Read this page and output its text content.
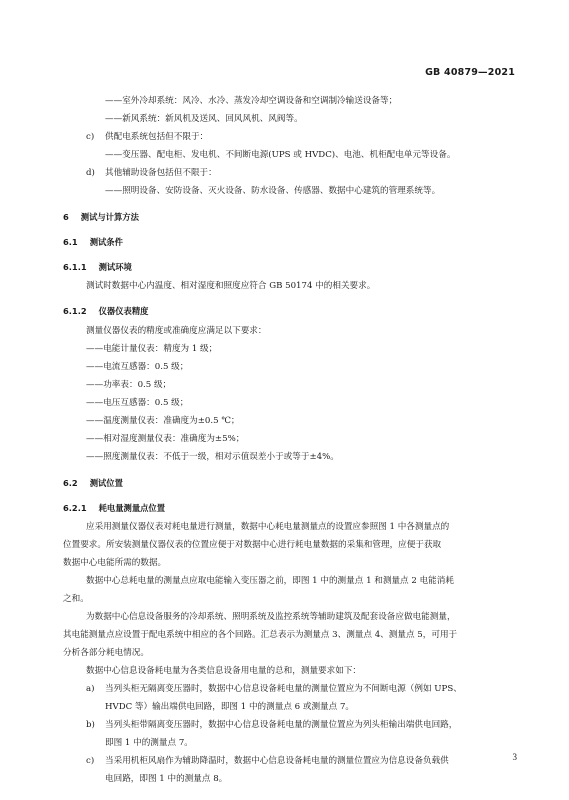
GB 40879—2021
——室外冷却系统：风冷、水冷、蒸发冷却空调设备和空调制冷输送设备等；
——新风系统：新风机及送风、回风风机、风阀等。
c) 供配电系统包括但不限于：
——变压器、配电柜、发电机、不间断电源(UPS 或 HVDC)、电池、机柜配电单元等设备。
d) 其他辅助设备包括但不限于：
——照明设备、安防设备、灭火设备、防水设备、传感器、数据中心建筑的管理系统等。
6 测试与计算方法
6.1 测试条件
6.1.1 测试环境
测试时数据中心内温度、相对湿度和照度应符合 GB 50174 中的相关要求。
6.1.2 仪器仪表精度
测量仪器仪表的精度或准确度应满足以下要求：
——电能计量仪表：精度为 1 级；
——电流互感器：0.5 级；
——功率表：0.5 级；
——电压互感器：0.5 级；
——温度测量仪表：准确度为±0.5 ℃；
——相对湿度测量仪表：准确度为±5%；
——照度测量仪表：不低于一级，相对示值误差小于或等于±4%。
6.2 测试位置
6.2.1 耗电量测量点位置
应采用测量仪器仪表对耗电量进行测量，数据中心耗电量测量点的设置应参照图 1 中各测量点的
位置要求。所安装测量仪器仪表的位置应便于对数据中心进行耗电量数据的采集和管理，应便于获取
数据中心电能所需的数据。
数据中心总耗电量的测量点应取电能输入变压器之前，即图 1 中的测量点 1 和测量点 2 电能消耗
之和。
为数据中心信息设备服务的冷却系统、照明系统及监控系统等辅助建筑及配套设备应做电能测量，
其电能测量点应设置于配电系统中相应的各个回路。汇总表示为测量点 3、测量点 4、测量点 5，可用于
分析各部分耗电情况。
数据中心信息设备耗电量为各类信息设备用电量的总和，测量要求如下：
a) 当列头柜无隔离变压器时，数据中心信息设备耗电量的测量位置应为不间断电源（例如 UPS、
HVDC 等）输出端供电回路，即图 1 中的测量点 6 或测量点 7。
b) 当列头柜带隔离变压器时，数据中心信息设备耗电量的测量位置应为列头柜输出端供电回路，
即图 1 中的测量点 7。
c) 当采用机柜风扇作为辅助降温时，数据中心信息设备耗电量的测量位置应为信息设备负载供
电回路，即图 1 中的测量点 8。
3
